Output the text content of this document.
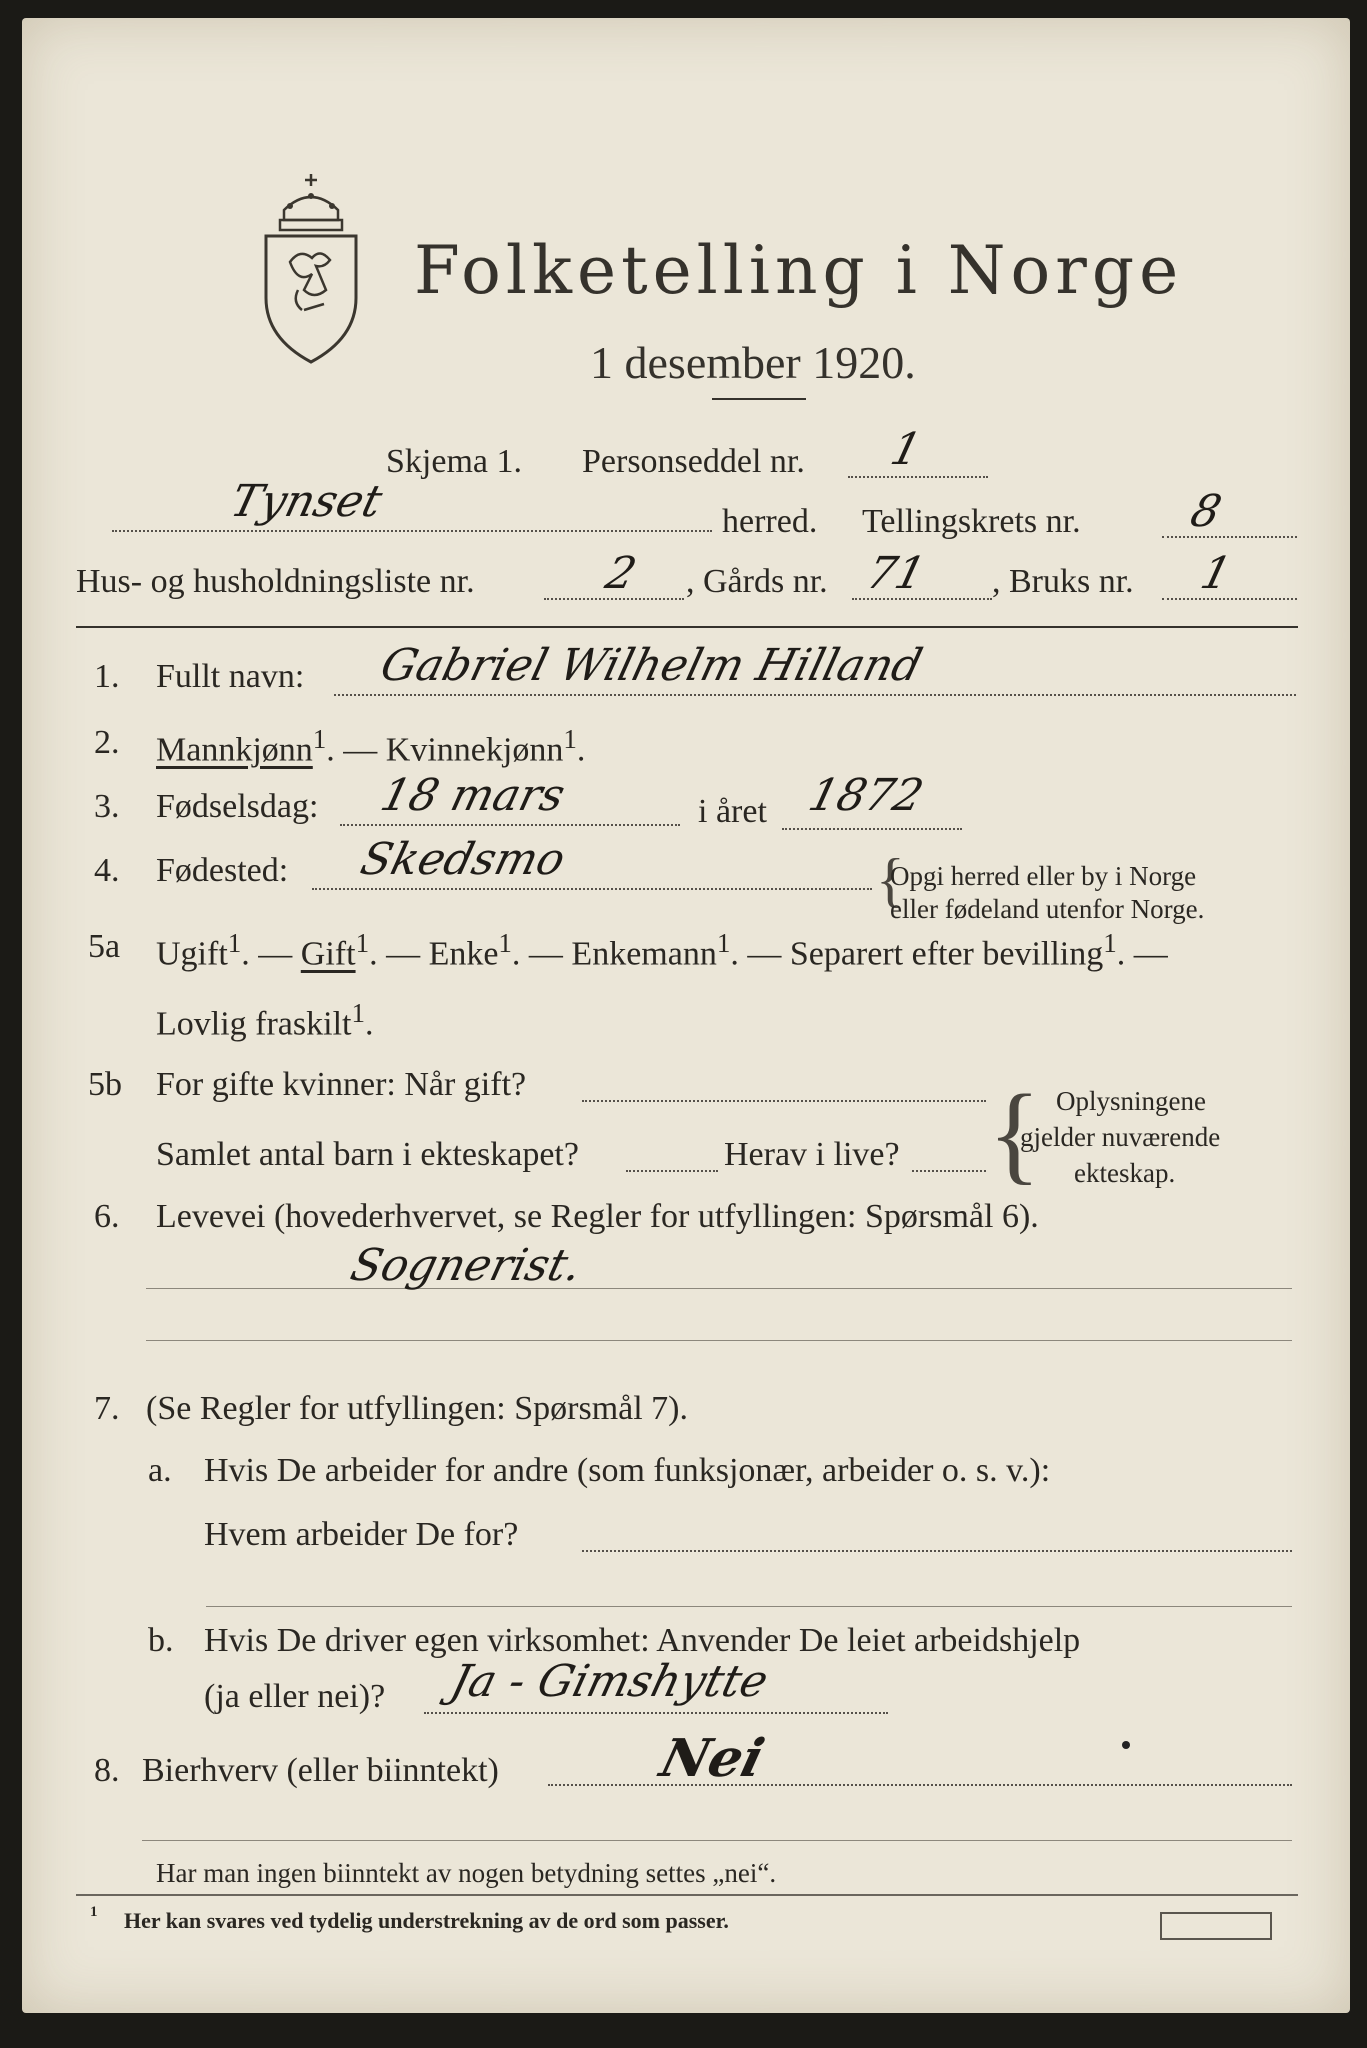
Folketelling i Norge
1 desember 1920.
Skjema 1. Personseddel nr. 1
Tynset	herred. Tellingskrets nr. 8
Hus- og husholdningsliste nr.	2 , Gårds nr. 71 , Bruks nr. 1
1. Fullt navn: Gabriel Wilhelm Hilland
2. Mannkjønn$^1$. — Kvinnekjønn$^1$.
3. Fødselsdag: 18 mars	i året 1872
4. Fødested: Skedsmo	{
Opgi herred eller by i Norge
eller fødeland utenfor Norge.
5a Ugift$^1$. — Gift$^1$. — Enke$^1$. — Enkemann$^1$. — Separert efter bevilling$^1$. —
Lovlig fraskilt$^1$.
5b For gifte kvinner: Når gift?
Samlet antal barn i ekteskapet?	Herav i live? { Oplysningene
gjelder nuværende
ekteskap.
6. Levevei (hovederhvervet, se Regler for utfyllingen: Spørsmål 6).
Sognerist.
7. (Se Regler for utfyllingen: Spørsmål 7).
a. Hvis De arbeider for andre (som funksjonær, arbeider o. s. v.):
Hvem arbeider De for?
b. Hvis De driver egen virksomhet: Anvender De leiet arbeidshjelp
(ja eller nei)? Ja - Gimshytte
8. Bierhverv (eller biinntekt)	Nei
Har man ingen biinntekt av nogen betydning settes „nei“.
1 Her kan svares ved tydelig understrekning av de ord som passer.
